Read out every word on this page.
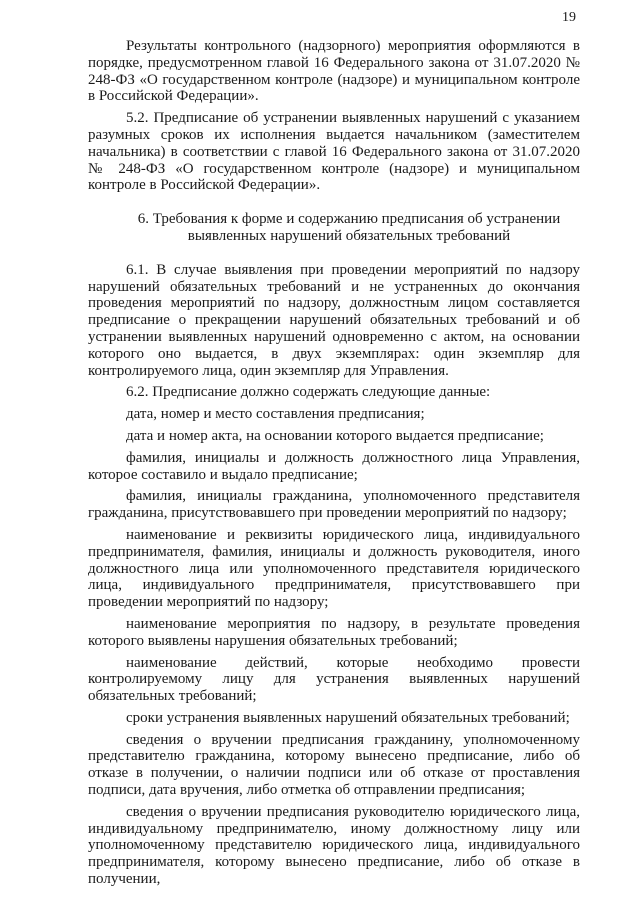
19

Результаты контрольного (надзорного) мероприятия оформляются в порядке, предусмотренном главой 16 Федерального закона от 31.07.2020 № 248-ФЗ «О государственном контроле (надзоре) и муниципальном контроле в Российской Федерации».

5.2. Предписание об устранении выявленных нарушений с указанием разумных сроков их исполнения выдается начальником (заместителем начальника) в соответствии с главой 16 Федерального закона от 31.07.2020 № 248-ФЗ «О государственном контроле (надзоре) и муниципальном контроле в Российской Федерации».

6. Требования к форме и содержанию предписания об устранении
выявленных нарушений обязательных требований

6.1. В случае выявления при проведении мероприятий по надзору нарушений обязательных требований и не устраненных до окончания проведения мероприятий по надзору, должностным лицом составляется предписание о прекращении нарушений обязательных требований и об устранении выявленных нарушений одновременно с актом, на основании которого оно выдается, в двух экземплярах: один экземпляр для контролируемого лица, один экземпляр для Управления.

6.2. Предписание должно содержать следующие данные:

дата, номер и место составления предписания;

дата и номер акта, на основании которого выдается предписание;

фамилия, инициалы и должность должностного лица Управления, которое составило и выдало предписание;

фамилия, инициалы гражданина, уполномоченного представителя гражданина, присутствовавшего при проведении мероприятий по надзору;

наименование и реквизиты юридического лица, индивидуального предпринимателя, фамилия, инициалы и должность руководителя, иного должностного лица или уполномоченного представителя юридического лица, индивидуального предпринимателя, присутствовавшего при проведении мероприятий по надзору;

наименование мероприятия по надзору, в результате проведения которого выявлены нарушения обязательных требований;

наименование действий, которые необходимо провести контролируемому лицу для устранения выявленных нарушений обязательных требований;

сроки устранения выявленных нарушений обязательных требований;

сведения о вручении предписания гражданину, уполномоченному представителю гражданина, которому вынесено предписание, либо об отказе в получении, о наличии подписи или об отказе от проставления подписи, дата вручения, либо отметка об отправлении предписания;

сведения о вручении предписания руководителю юридического лица, индивидуальному предпринимателю, иному должностному лицу или уполномоченному представителю юридического лица, индивидуального предпринимателя, которому вынесено предписание, либо об отказе в получении,
